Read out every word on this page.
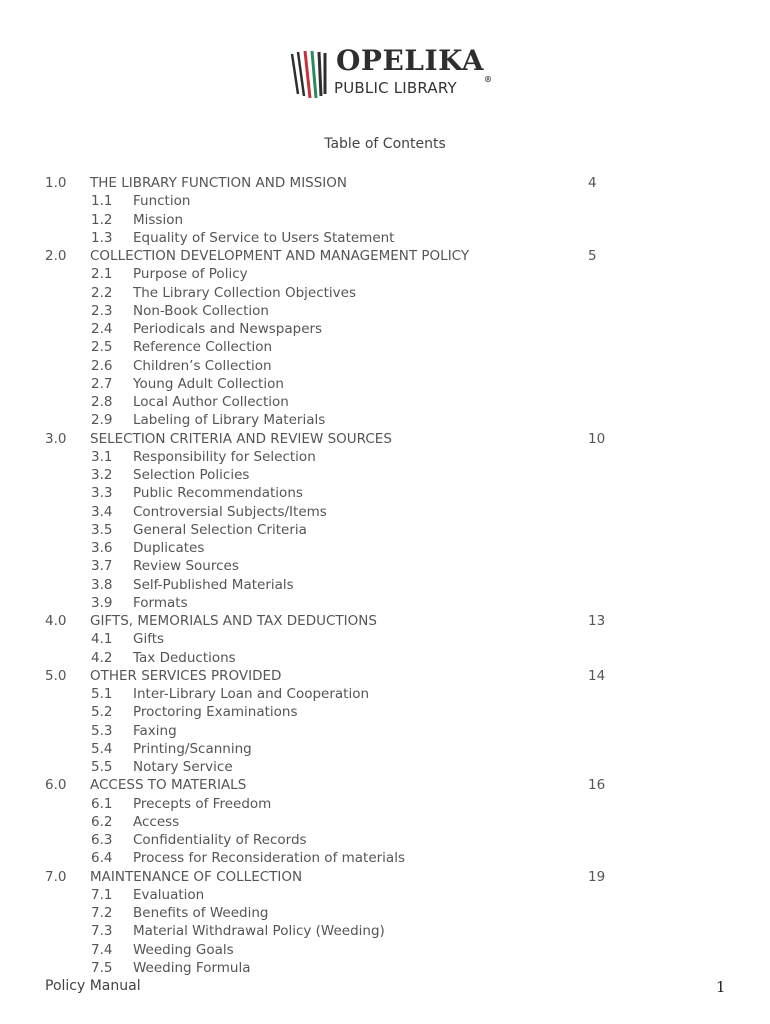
OPELIKA®
PUBLIC LIBRARY
Table of Contents
1.0 THE LIBRARY FUNCTION AND MISSION	4
1.1 Function
1.2 Mission
1.3 Equality of Service to Users Statement
2.0 COLLECTION DEVELOPMENT AND MANAGEMENT POLICY	5
2.1 Purpose of Policy
2.2 The Library Collection Objectives
2.3 Non-Book Collection
2.4 Periodicals and Newspapers
2.5 Reference Collection
2.6 Children’s Collection
2.7 Young Adult Collection
2.8 Local Author Collection
2.9 Labeling of Library Materials
3.0 SELECTION CRITERIA AND REVIEW SOURCES	10
3.1 Responsibility for Selection
3.2 Selection Policies
3.3 Public Recommendations
3.4 Controversial Subjects/Items
3.5 General Selection Criteria
3.6 Duplicates
3.7 Review Sources
3.8 Self-Published Materials
3.9 Formats
4.0 GIFTS, MEMORIALS AND TAX DEDUCTIONS	13
4.1 Gifts
4.2 Tax Deductions
5.0 OTHER SERVICES PROVIDED	14
5.1 Inter-Library Loan and Cooperation
5.2 Proctoring Examinations
5.3 Faxing
5.4 Printing/Scanning
5.5 Notary Service
6.0 ACCESS TO MATERIALS	16
6.1 Precepts of Freedom
6.2 Access
6.3 Confidentiality of Records
6.4 Process for Reconsideration of materials
7.0 MAINTENANCE OF COLLECTION	19
7.1 Evaluation
7.2 Benefits of Weeding
7.3 Material Withdrawal Policy (Weeding)
7.4 Weeding Goals
7.5 Weeding Formula
Policy Manual	1
